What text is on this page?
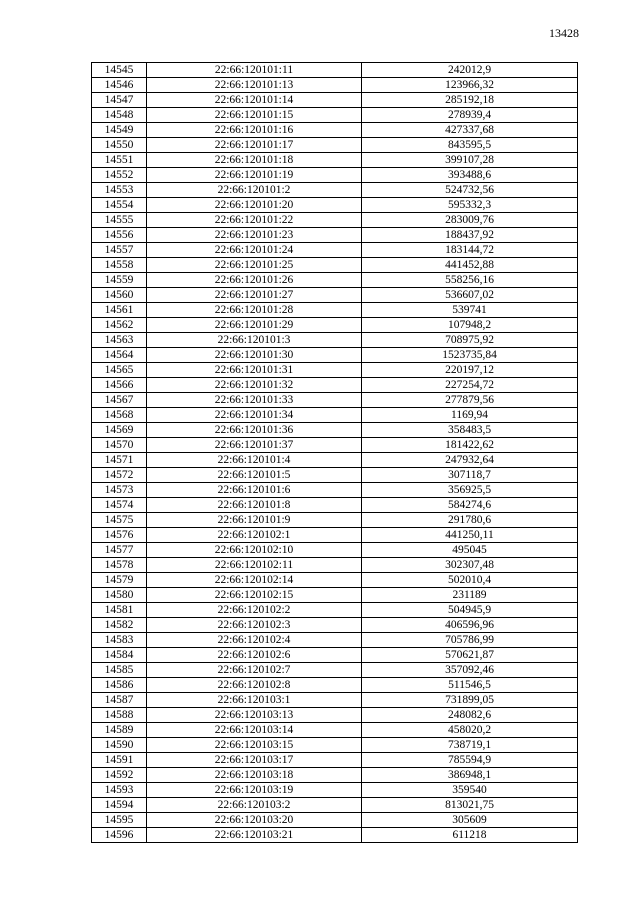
13428
14545	22:66:120101:11	242012,9
14546	22:66:120101:13	123966,32
14547	22:66:120101:14	285192,18
14548	22:66:120101:15	278939,4
14549	22:66:120101:16	427337,68
14550	22:66:120101:17	843595,5
14551	22:66:120101:18	399107,28
14552	22:66:120101:19	393488,6
14553	22:66:120101:2	524732,56
14554	22:66:120101:20	595332,3
14555	22:66:120101:22	283009,76
14556	22:66:120101:23	188437,92
14557	22:66:120101:24	183144,72
14558	22:66:120101:25	441452,88
14559	22:66:120101:26	558256,16
14560	22:66:120101:27	536607,02
14561	22:66:120101:28	539741
14562	22:66:120101:29	107948,2
14563	22:66:120101:3	708975,92
14564	22:66:120101:30	1523735,84
14565	22:66:120101:31	220197,12
14566	22:66:120101:32	227254,72
14567	22:66:120101:33	277879,56
14568	22:66:120101:34	1169,94
14569	22:66:120101:36	358483,5
14570	22:66:120101:37	181422,62
14571	22:66:120101:4	247932,64
14572	22:66:120101:5	307118,7
14573	22:66:120101:6	356925,5
14574	22:66:120101:8	584274,6
14575	22:66:120101:9	291780,6
14576	22:66:120102:1	441250,11
14577	22:66:120102:10	495045
14578	22:66:120102:11	302307,48
14579	22:66:120102:14	502010,4
14580	22:66:120102:15	231189
14581	22:66:120102:2	504945,9
14582	22:66:120102:3	406596,96
14583	22:66:120102:4	705786,99
14584	22:66:120102:6	570621,87
14585	22:66:120102:7	357092,46
14586	22:66:120102:8	511546,5
14587	22:66:120103:1	731899,05
14588	22:66:120103:13	248082,6
14589	22:66:120103:14	458020,2
14590	22:66:120103:15	738719,1
14591	22:66:120103:17	785594,9
14592	22:66:120103:18	386948,1
14593	22:66:120103:19	359540
14594	22:66:120103:2	813021,75
14595	22:66:120103:20	305609
14596	22:66:120103:21	611218
